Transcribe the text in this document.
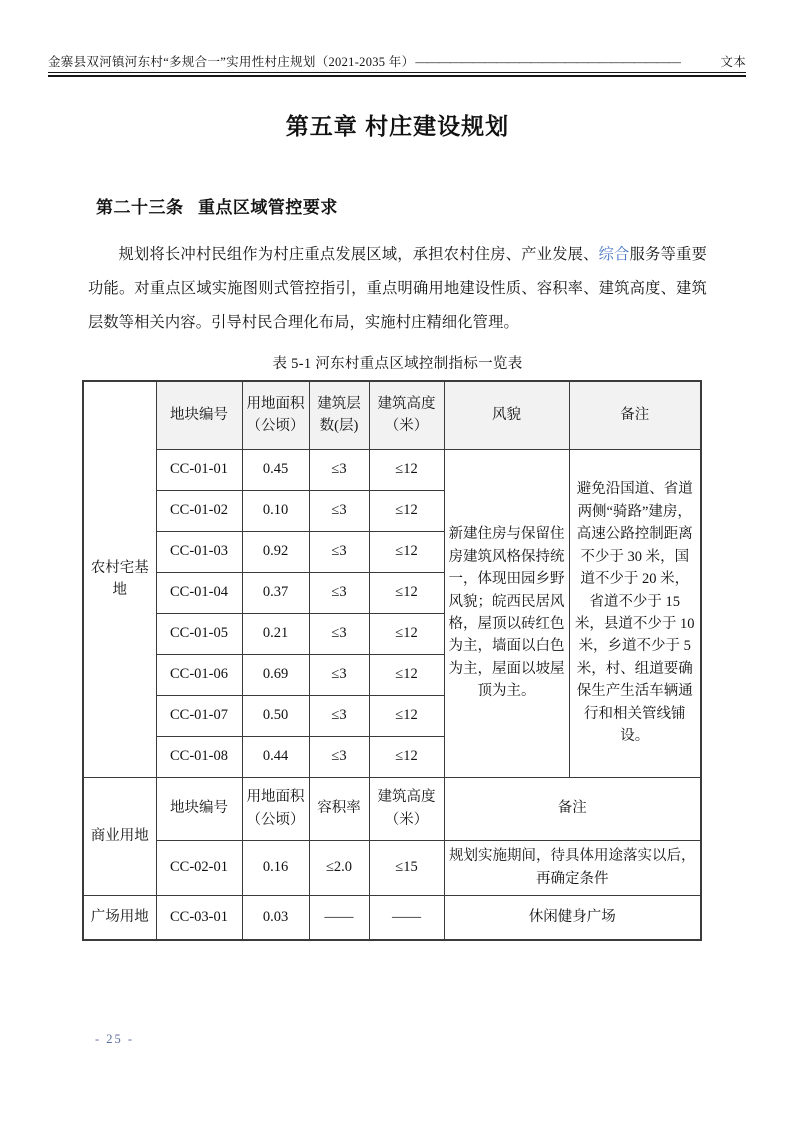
金寨县双河镇河东村“多规合一”实用性村庄规划（2021-2035 年） ———————————————————————	文本
第五章 村庄建设规划
第二十三条 重点区域管控要求

规划将长冲村民组作为村庄重点发展区域，承担农村住房、产业发展、综合服务等重要功能。对重点区域实施图则式管控指引，重点明确用地建设性质、容积率、建筑高度、建筑层数等相关内容。引导村民合理化布局，实施村庄精细化管理。

表 5-1 河东村重点区域控制指标一览表
农村宅基地	地块编号	用地面积（公顷）	建筑层数(层)	建筑高度（米）	风貌	备注
	CC-01-01	0.45	≤3	≤12	新建住房与保留住房建筑风格保持统一，体现田园乡野风貌；皖西民居风格，屋顶以砖红色为主，墙面以白色为主，屋面以坡屋顶为主。	避免沿国道、省道两侧“骑路”建房，高速公路控制距离不少于 30 米，国道不少于 20 米，省道不少于 15 米，县道不少于 10 米，乡道不少于 5 米，村、组道要确保生产生活车辆通行和相关管线铺设。
	CC-01-02	0.10	≤3	≤12		
	CC-01-03	0.92	≤3	≤12		
	CC-01-04	0.37	≤3	≤12		
	CC-01-05	0.21	≤3	≤12		
	CC-01-06	0.69	≤3	≤12		
	CC-01-07	0.50	≤3	≤12		
	CC-01-08	0.44	≤3	≤12		
商业用地	地块编号	用地面积（公顷）	容积率	建筑高度（米）	备注	
	CC-02-01	0.16	≤2.0	≤15	规划实施期间，待具体用途落实以后，再确定条件	
广场用地	CC-03-01	0.03	——	——	休闲健身广场	
- 25 -
